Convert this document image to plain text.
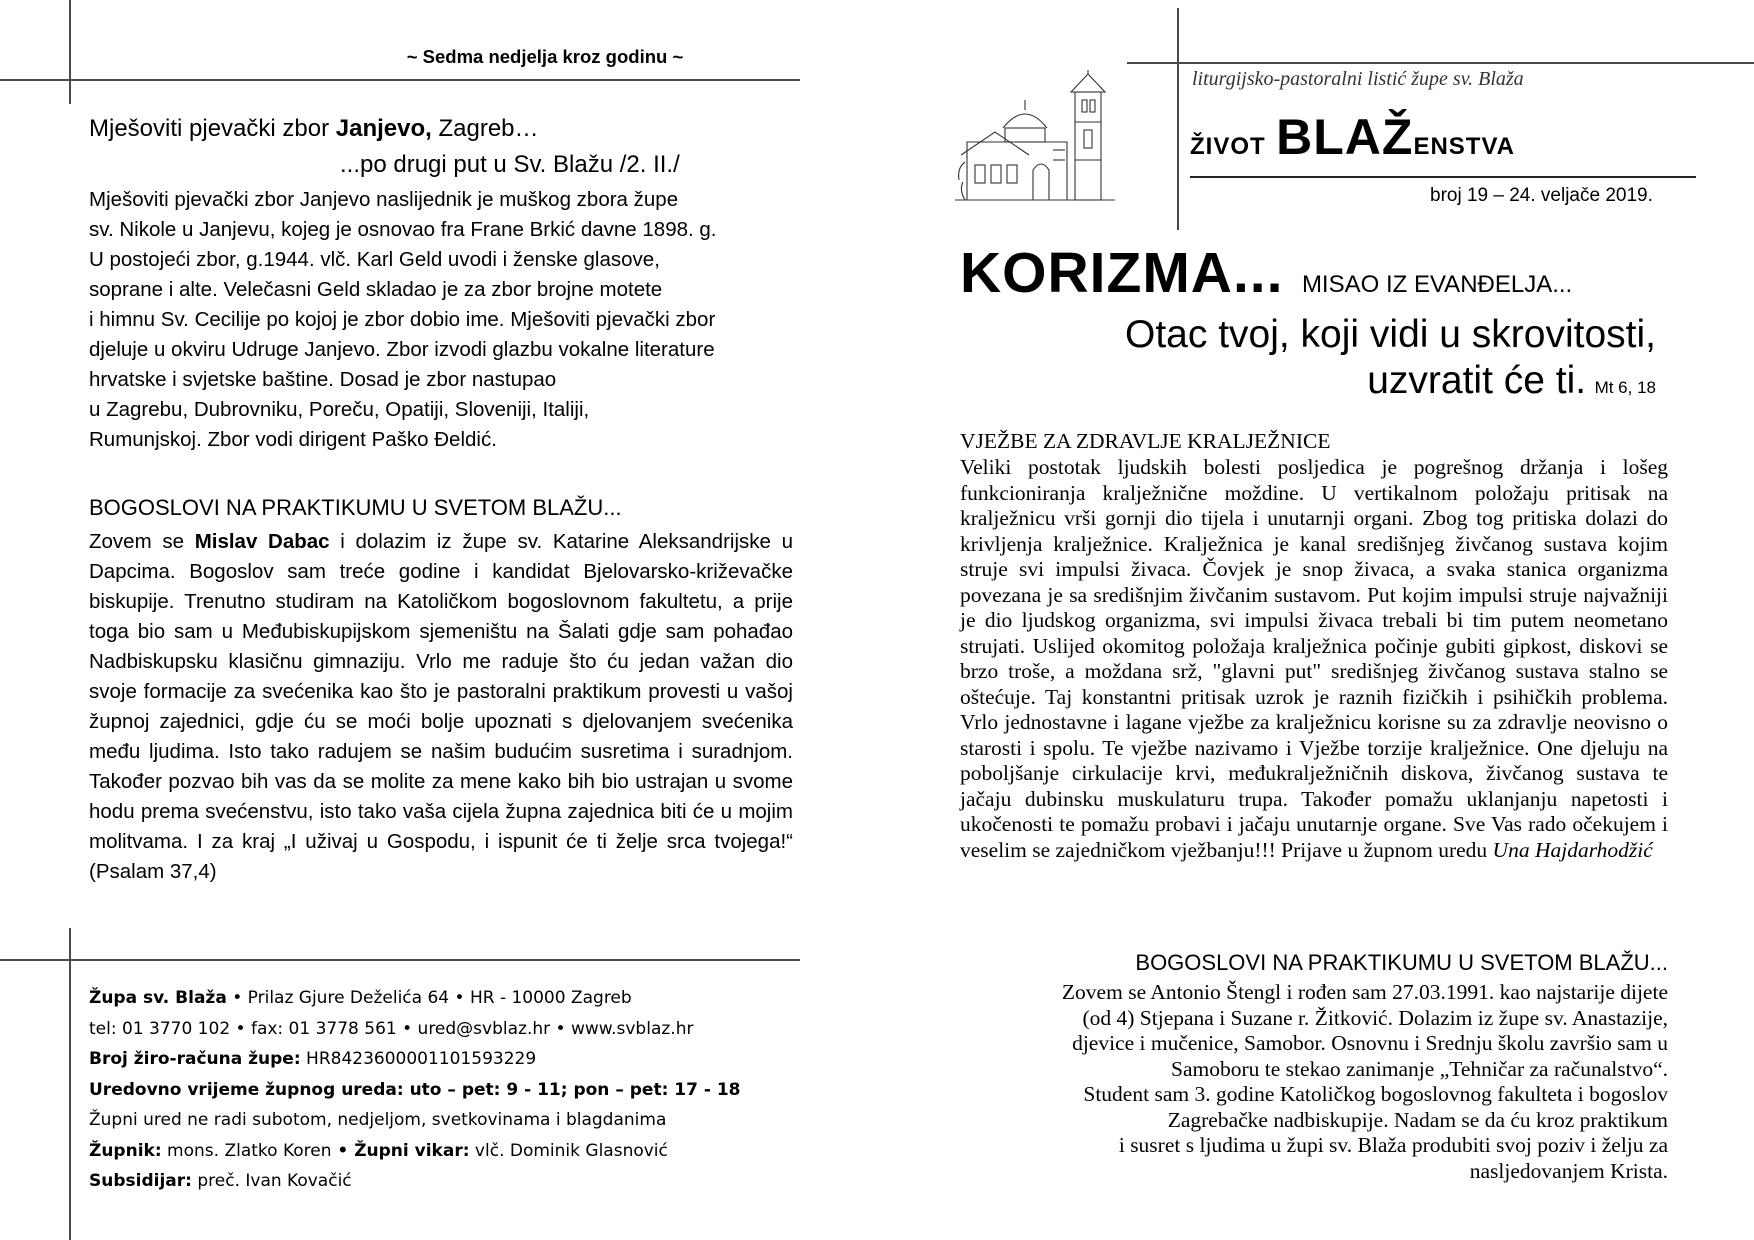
~ Sedma nedjelja kroz godinu ~
Mješoviti pjevački zbor Janjevo, Zagreb…
...po drugi put u Sv. Blažu /2. II./

Mješoviti pjevački zbor Janjevo naslijednik je muškog zbora župe

sv. Nikole u Janjevu, kojeg je osnovao fra Frane Brkić davne 1898. g.

U postojeći zbor, g.1944. vlč. Karl Geld uvodi i ženske glasove,

soprane i alte. Velečasni Geld skladao je za zbor brojne motete

i himnu Sv. Cecilije po kojoj je zbor dobio ime. Mješoviti pjevački zbor

djeluje u okviru Udruge Janjevo. Zbor izvodi glazbu vokalne literature

hrvatske i svjetske baštine. Dosad je zbor nastupao

u Zagrebu, Dubrovniku, Poreču, Opatiji, Sloveniji, Italiji,

Rumunjskoj. Zbor vodi dirigent Paško Đeldić.

BOGOSLOVI NA PRAKTIKUMU U SVETOM BLAŽU...
Zovem se Mislav Dabac i dolazim iz župe sv. Katarine Aleksandrijske u Dapcima. Bogoslov sam treće godine i kandidat Bjelovarsko-križevačke biskupije. Trenutno studiram na Katoličkom bogoslovnom fakultetu, a prije toga bio sam u Međubiskupijskom sjemeništu na Šalati gdje sam pohađao Nadbiskupsku klasičnu gimnaziju. Vrlo me raduje što ću jedan važan dio svoje formacije za svećenika kao što je pastoralni praktikum provesti u vašoj župnoj zajednici, gdje ću se moći bolje upoznati s djelovanjem svećenika među ljudima. Isto tako radujem se našim budućim susretima i suradnjom. Također pozvao bih vas da se molite za mene kako bih bio ustrajan u svome hodu prema svećenstvu, isto tako vaša cijela župna zajednica biti će u mojim molitvama. I za kraj „I uživaj u Gospodu, i ispunit će ti želje srca tvojega!“ (Psalam 37,4)
Župa sv. Blaža • Prilaz Gjure Deželića 64 • HR - 10000 Zagreb
tel: 01 3770 102 • fax: 01 3778 561 • ured@svblaz.hr • www.svblaz.hr
Broj žiro-računa župe: HR8423600001101593229
Uredovno vrijeme župnog ureda: uto – pet: 9 - 11; pon – pet: 17 - 18
Župni ured ne radi subotom, nedjeljom, svetkovinama i blagdanima
Župnik: mons. Zlatko Koren • Župni vikar: vlč. Dominik Glasnović
Subsidijar: preč. Ivan Kovačić
liturgijsko-pastoralni listić župe sv. Blaža
život BLAŽenstva
broj 19 – 24. veljače 2019.
KORIZMA... MISAO IZ EVANĐELJA...
Otac tvoj, koji vidi u skrovitosti,
uzvratit će ti. Mt 6, 18
VJEŽBE ZA ZDRAVLJE KRALJEŽNICE
Veliki postotak ljudskih bolesti posljedica je pogrešnog držanja i lošeg funkcioniranja kralježnične moždine. U vertikalnom položaju pritisak na kralježnicu vrši gornji dio tijela i unutarnji organi. Zbog tog pritiska dolazi do krivljenja kralježnice. Kralježnica je kanal središnjeg živčanog sustava kojim struje svi impulsi živaca. Čovjek je snop živaca, a svaka stanica organizma povezana je sa središnjim živčanim sustavom. Put kojim impulsi struje najvažniji je dio ljudskog organizma, svi impulsi živaca trebali bi tim putem neometano strujati. Uslijed okomitog položaja kralježnica počinje gubiti gipkost, diskovi se brzo troše, a moždana srž, "glavni put" središnjeg živčanog sustava stalno se oštećuje. Taj konstantni pritisak uzrok je raznih fizičkih i psihičkih problema. Vrlo jednostavne i lagane vježbe za kralježnicu korisne su za zdravlje neovisno o starosti i spolu. Te vježbe nazivamo i Vježbe torzije kralježnice. One djeluju na poboljšanje cirkulacije krvi, međukralježničnih diskova, živčanog sustava te jačaju dubinsku muskulaturu trupa. Također pomažu uklanjanju napetosti i ukočenosti te pomažu probavi i jačaju unutarnje organe. Sve Vas rado očekujem i veselim se zajedničkom vježbanju!!! Prijave u župnom uredu Una Hajdarhodžić
BOGOSLOVI NA PRAKTIKUMU U SVETOM BLAŽU...
Zovem se Antonio Štengl i rođen sam 27.03.1991. kao najstarije dijete
(od 4) Stjepana i Suzane r. Žitković. Dolazim iz župe sv. Anastazije,
djevice i mučenice, Samobor. Osnovnu i Srednju školu završio sam u
Samoboru te stekao zanimanje „Tehničar za računalstvo“.
Student sam 3. godine Katoličkog bogoslovnog fakulteta i bogoslov
Zagrebačke nadbiskupije. Nadam se da ću kroz praktikum
i susret s ljudima u župi sv. Blaža produbiti svoj poziv i želju za
nasljedovanjem Krista.
